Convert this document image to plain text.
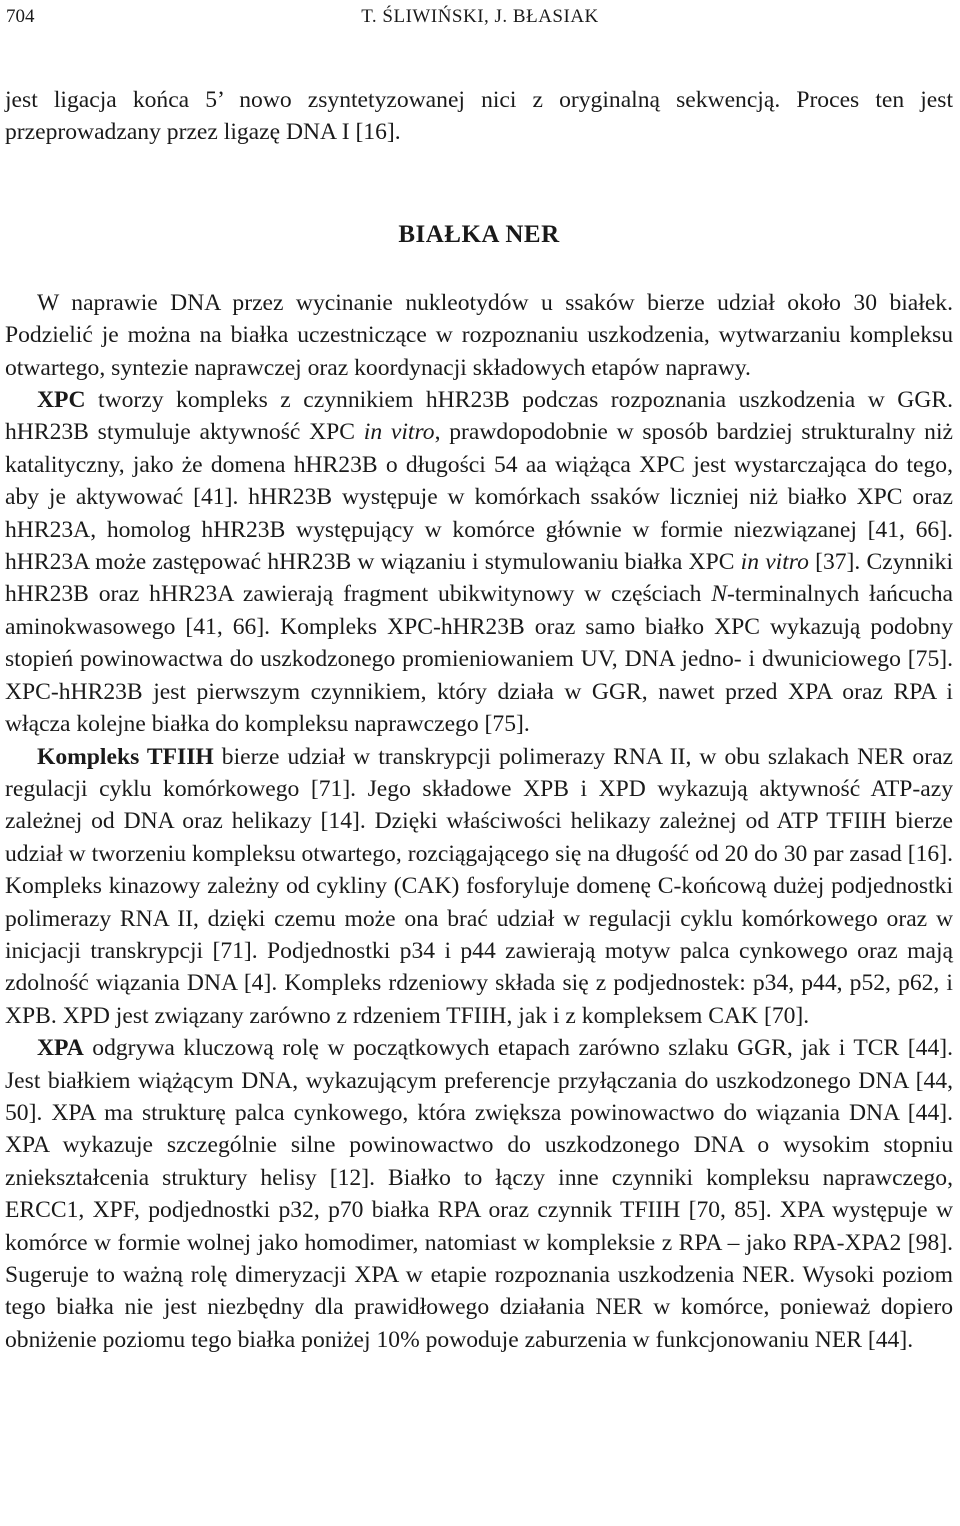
704	T. ŚLIWIŃSKI, J. BŁASIAK

jest ligacja końca 5’ nowo zsyntetyzowanej nici z oryginalną sekwencją. Proces ten jest przeprowadzany przez ligazę DNA I [16].

BIAŁKA NER

W naprawie DNA przez wycinanie nukleotydów u ssaków bierze udział około 30 białek. Podzielić je można na białka uczestniczące w rozpoznaniu uszkodzenia, wytwarzaniu kompleksu otwartego, syntezie naprawczej oraz koordynacji składowych etapów naprawy.

XPC tworzy kompleks z czynnikiem hHR23B podczas rozpoznania uszkodzenia w GGR. hHR23B stymuluje aktywność XPC in vitro, prawdopodobnie w sposób bardziej strukturalny niż katalityczny, jako że domena hHR23B o długości 54 aa wiążąca XPC jest wystarczająca do tego, aby je aktywować [41]. hHR23B występuje w komórkach ssaków liczniej niż białko XPC oraz hHR23A, homolog hHR23B występujący w komórce głównie w formie niezwiązanej [41, 66]. hHR23A może zastępować hHR23B w wiązaniu i stymulowaniu białka XPC in vitro [37]. Czynniki hHR23B oraz hHR23A zawierają fragment ubikwitynowy w częściach N-terminalnych łańcucha aminokwasowego [41, 66]. Kompleks XPC-hHR23B oraz samo białko XPC wykazują podobny stopień powinowactwa do uszkodzonego promieniowaniem UV, DNA jedno- i dwuniciowego [75]. XPC-hHR23B jest pierwszym czynnikiem, który działa w GGR, nawet przed XPA oraz RPA i włącza kolejne białka do kompleksu naprawczego [75].

Kompleks TFIIH bierze udział w transkrypcji polimerazy RNA II, w obu szlakach NER oraz regulacji cyklu komórkowego [71]. Jego składowe XPB i XPD wykazują aktywność ATP-azy zależnej od DNA oraz helikazy [14]. Dzięki właściwości helikazy zależnej od ATP TFIIH bierze udział w tworzeniu kompleksu otwartego, rozciągającego się na długość od 20 do 30 par zasad [16]. Kompleks kinazowy zależny od cykliny (CAK) fosforyluje domenę C-końcową dużej podjednostki polimerazy RNA II, dzięki czemu może ona brać udział w regulacji cyklu komórkowego oraz w inicjacji transkrypcji [71]. Podjednostki p34 i p44 zawierają motyw palca cynkowego oraz mają zdolność wiązania DNA [4]. Kompleks rdzeniowy składa się z podjednostek: p34, p44, p52, p62, i XPB. XPD jest związany zarówno z rdzeniem TFIIH, jak i z kompleksem CAK [70].

XPA odgrywa kluczową rolę w początkowych etapach zarówno szlaku GGR, jak i TCR [44]. Jest białkiem wiążącym DNA, wykazującym preferencje przyłączania do uszkodzonego DNA [44, 50]. XPA ma strukturę palca cynkowego, która zwiększa powinowactwo do wiązania DNA [44]. XPA wykazuje szczególnie silne powinowactwo do uszkodzonego DNA o wysokim stopniu zniekształcenia struktury helisy [12]. Białko to łączy inne czynniki kompleksu naprawczego, ERCC1, XPF, podjednostki p32, p70 białka RPA oraz czynnik TFIIH [70, 85]. XPA występuje w komórce w formie wolnej jako homodimer, natomiast w kompleksie z RPA – jako RPA-XPA2 [98]. Sugeruje to ważną rolę dimeryzacji XPA w etapie rozpoznania uszkodzenia NER. Wysoki poziom tego białka nie jest niezbędny dla prawidłowego działania NER w komórce, ponieważ dopiero obniżenie poziomu tego białka poniżej 10% powoduje zaburzenia w funkcjonowaniu NER [44].
